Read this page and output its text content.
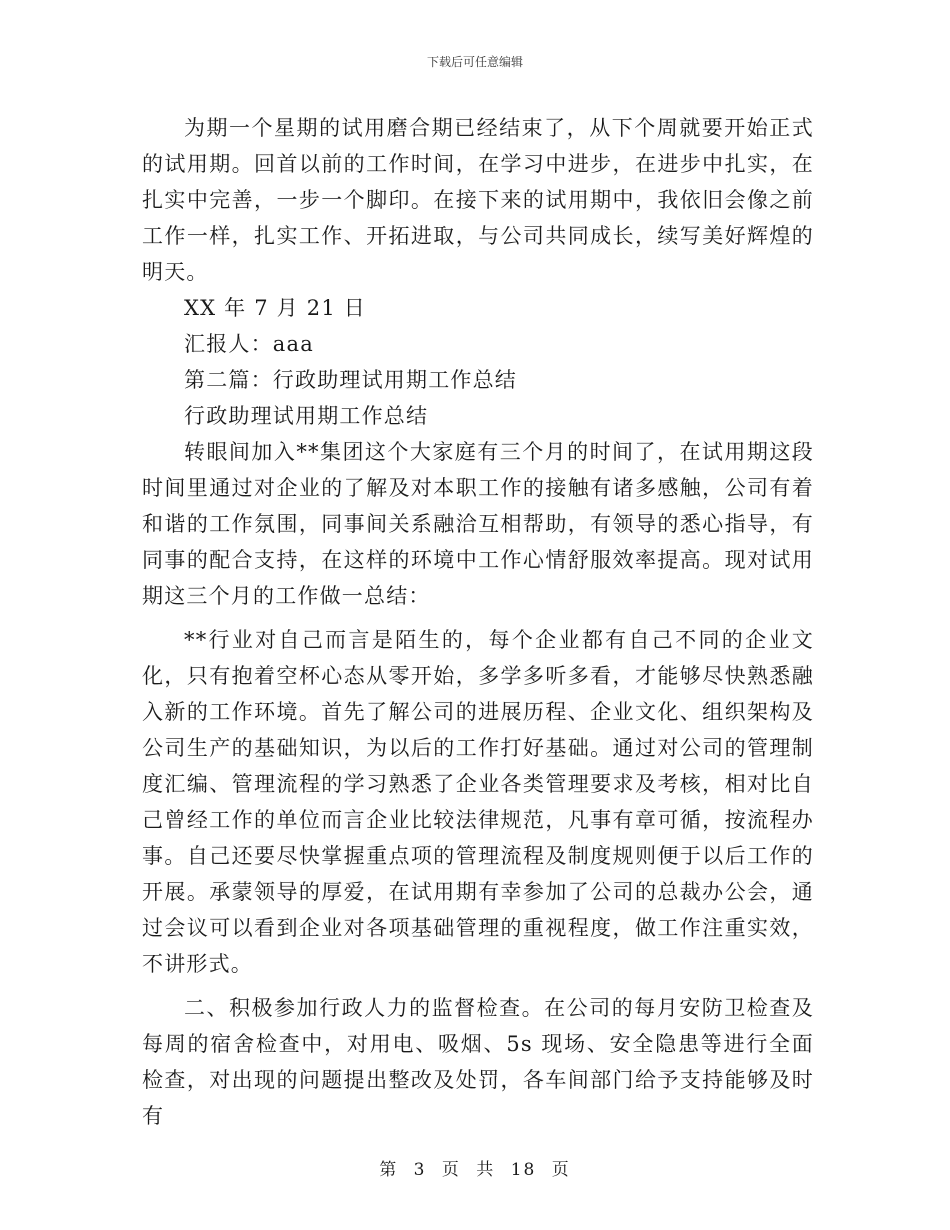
下载后可任意编辑

为期一个星期的试用磨合期已经结束了，从下个周就要开始正式的试用期。回首以前的工作时间，在学习中进步，在进步中扎实，在扎实中完善，一步一个脚印。在接下来的试用期中，我依旧会像之前工作一样，扎实工作、开拓进取，与公司共同成长，续写美好辉煌的明天。

XX 年 7 月 21 日

汇报人：aaa

第二篇：行政助理试用期工作总结

行政助理试用期工作总结

转眼间加入**集团这个大家庭有三个月的时间了，在试用期这段时间里通过对企业的了解及对本职工作的接触有诸多感触，公司有着和谐的工作氛围，同事间关系融洽互相帮助，有领导的悉心指导，有同事的配合支持，在这样的环境中工作心情舒服效率提高。现对试用期这三个月的工作做一总结：

**行业对自己而言是陌生的，每个企业都有自己不同的企业文化，只有抱着空杯心态从零开始，多学多听多看，才能够尽快熟悉融入新的工作环境。首先了解公司的进展历程、企业文化、组织架构及公司生产的基础知识，为以后的工作打好基础。通过对公司的管理制度汇编、管理流程的学习熟悉了企业各类管理要求及考核，相对比自己曾经工作的单位而言企业比较法律规范，凡事有章可循，按流程办事。自己还要尽快掌握重点项的管理流程及制度规则便于以后工作的开展。承蒙领导的厚爱，在试用期有幸参加了公司的总裁办公会，通过会议可以看到企业对各项基础管理的重视程度，做工作注重实效，不讲形式。

二、积极参加行政人力的监督检查。在公司的每月安防卫检查及每周的宿舍检查中，对用电、吸烟、5s 现场、安全隐患等进行全面检查，对出现的问题提出整改及处罚，各车间部门给予支持能够及时有

第 3 页 共 18 页
